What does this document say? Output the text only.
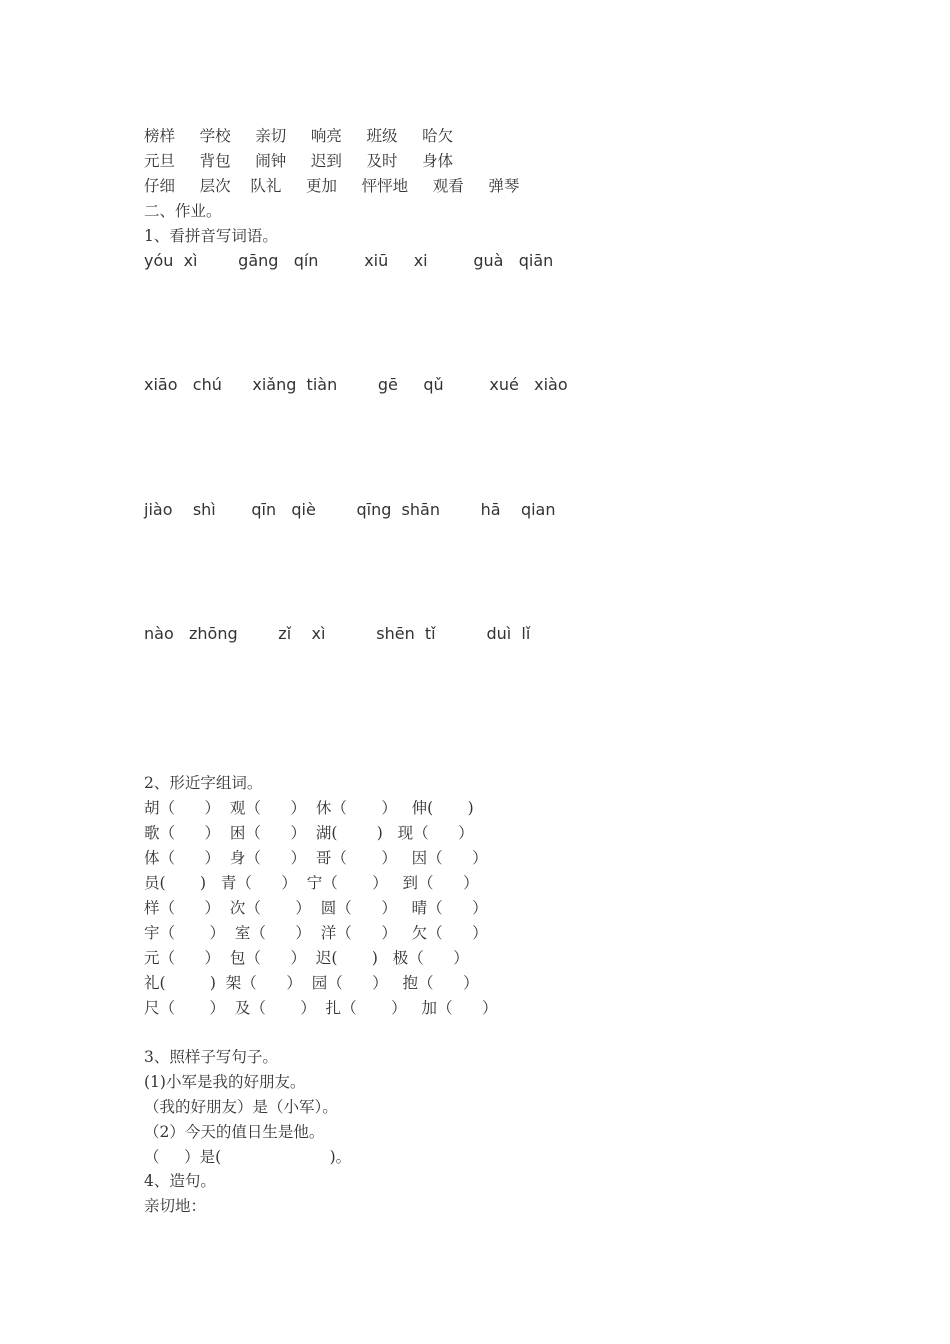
榜样     学校     亲切     响亮     班级     哈欠
元旦     背包     闹钟     迟到     及时     身体
仔细     层次    队礼     更加     怦怦地     观看     弹琴
二、作业。
1、看拼音写词语。
yóu  xì        gāng   qín         xiū     xi         guà   qiān
xiāo   chú      xiǎng  tiàn        gē     qǔ         xué   xiào
jiào    shì       qīn   qiè        qīng  shān        hā    qian
nào   zhōng        zǐ    xì          shēn  tǐ          duì  lǐ
2、形近字组词。
胡（      ）  观（      ）  休（       ）   伸(       )
歌（      ）  困（      ）  湖(        )   现（      ）
体（      ）  身（      ）  哥（       ）   因（      ）
员(       )   青（      ）  宁（       ）   到（      ）
样（      ）  次（       ）  圆（      ）   晴（      ）
宇（       ）  室（      ）  洋（      ）   欠（      ）
元（      ）  包（      ）  迟(       )   极（      ）
礼(         )  架（      ）  园（      ）   抱（      ）
尺（       ）  及（       ）  扎（       ）   加（      ）
3、照样子写句子。
(1)小军是我的好朋友。
（我的好朋友）是（小军）。
（2）今天的值日生是他。
（     ）是(                      )。
4、造句。
亲切地：
